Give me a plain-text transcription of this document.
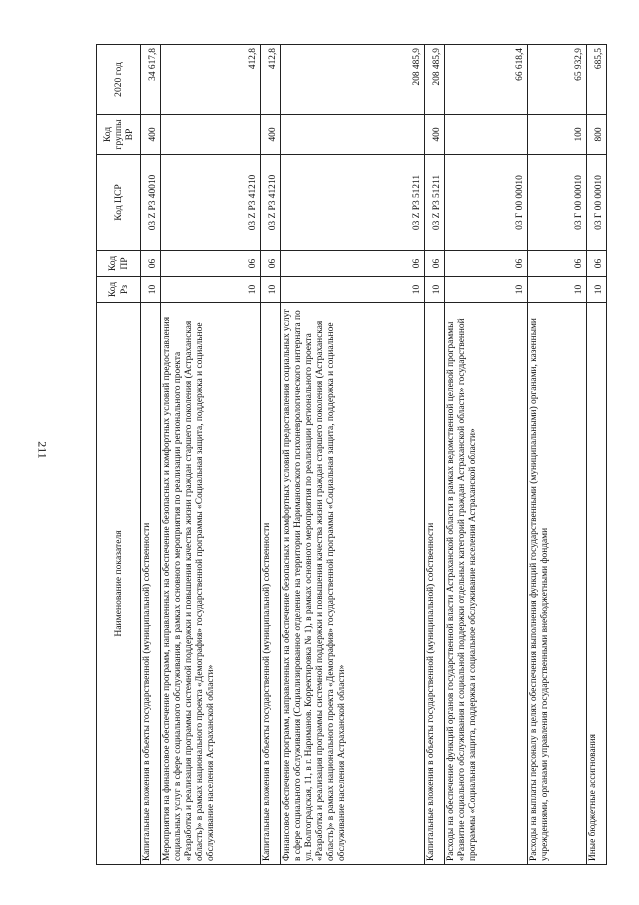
211
Наименование показателя	Код Рз	Код ПР	Код ЦСР	Код группы ВР	2020 год
Капитальные вложения в объекты государственной (муниципальной) собственности	10	06	03 Z P3 40010	400	34 617,8
Мероприятия на финансовое обеспечение программ, направленных на обеспечение безопасных и комфортных условий предоставления социальных услуг в сфере социального обслуживания, в рамках основного мероприятия по реализации регионального проекта «Разработка и реализация программы системной поддержки и повышения качества жизни граждан старшего поколения (Астраханская область)» в рамках национального проекта «Демография» государственной программы «Социальная защита, поддержка и социальное обслуживание населения Астраханской области»	10	06	03 Z P3 41210		412,8
Капитальные вложения в объекты государственной (муниципальной) собственности	10	06	03 Z P3 41210	400	412,8
Финансовое обеспечение программ, направленных на обеспечение безопасных и комфортных условий предоставления социальных услуг в сфере социального обслуживания (Социализированное отделение на территории Наримановского психоневрологического интерната по ул. Волгоградская, 11, в г. Нариманов. Корректировка № 1), в рамках основного мероприятия по реализации регионального проекта «Разработка и реализация программы системной поддержки и повышения качества жизни граждан старшего поколения (Астраханская область)» в рамках национального проекта «Демография» государственной программы «Социальная защита, поддержка и социальное обслуживание населения Астраханской области»	10	06	03 Z P3 51211		208 485,9
Капитальные вложения в объекты государственной (муниципальной) собственности	10	06	03 Z P3 51211	400	208 485,9
Расходы на обеспечение функций органов государственной власти Астраханской области в рамках ведомственной целевой программы «Развитие социального обслуживания и социальной поддержки отдельных категорий граждан Астраханской области» государственной программы «Социальная защита, поддержка и социальное обслуживание населения Астраханской области»	10	06	03 Г 00 00010		66 618,4
Расходы на выплаты персоналу в целях обеспечения выполнения функций государственными (муниципальными) органами, казенными учреждениями, органами управления государственными внебюджетными фондами	10	06	03 Г 00 00010	100	65 932,9
Иные бюджетные ассигнования	10	06	03 Г 00 00010	800	685,5
